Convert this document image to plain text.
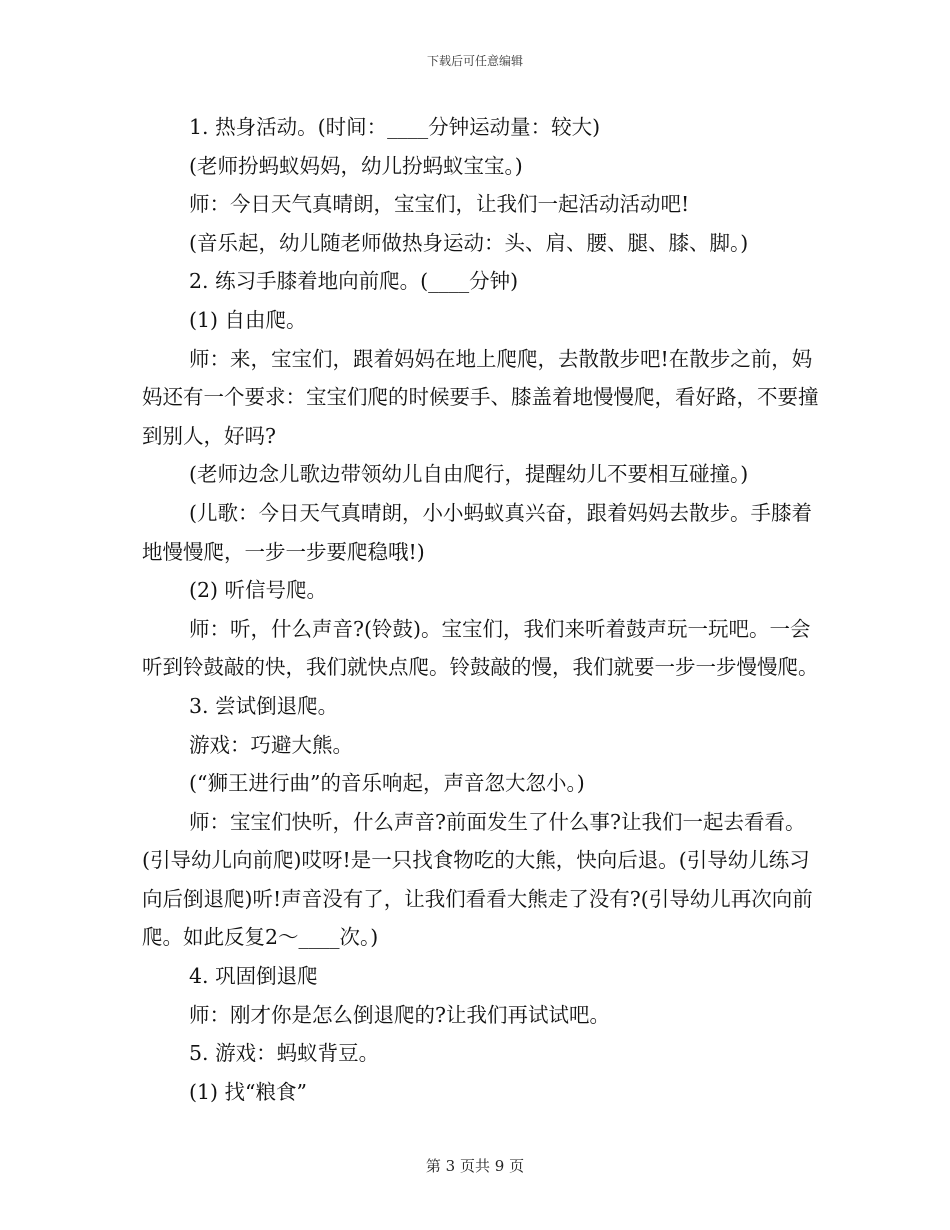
下载后可任意编辑

1. 热身活动。(时间：____分钟运动量：较大)

(老师扮蚂蚁妈妈，幼儿扮蚂蚁宝宝。)

师：今日天气真晴朗，宝宝们，让我们一起活动活动吧!

(音乐起，幼儿随老师做热身运动：头、肩、腰、腿、膝、脚。)

2. 练习手膝着地向前爬。(____分钟)

(1) 自由爬。

师：来，宝宝们，跟着妈妈在地上爬爬，去散散步吧!在散步之前，妈妈还有一个要求：宝宝们爬的时候要手、膝盖着地慢慢爬，看好路，不要撞到别人，好吗?

(老师边念儿歌边带领幼儿自由爬行，提醒幼儿不要相互碰撞。)

(儿歌：今日天气真晴朗，小小蚂蚁真兴奋，跟着妈妈去散步。手膝着地慢慢爬，一步一步要爬稳哦!)

(2) 听信号爬。

师：听，什么声音?(铃鼓)。宝宝们，我们来听着鼓声玩一玩吧。一会听到铃鼓敲的快，我们就快点爬。铃鼓敲的慢，我们就要一步一步慢慢爬。

3. 尝试倒退爬。

游戏：巧避大熊。

(“狮王进行曲”的音乐响起，声音忽大忽小。)

师：宝宝们快听，什么声音?前面发生了什么事?让我们一起去看看。(引导幼儿向前爬)哎呀!是一只找食物吃的大熊，快向后退。(引导幼儿练习向后倒退爬)听!声音没有了，让我们看看大熊走了没有?(引导幼儿再次向前爬。如此反复2～____次。)

4. 巩固倒退爬

师：刚才你是怎么倒退爬的?让我们再试试吧。

5. 游戏：蚂蚁背豆。

(1) 找“粮食”

第 3 页共 9 页
